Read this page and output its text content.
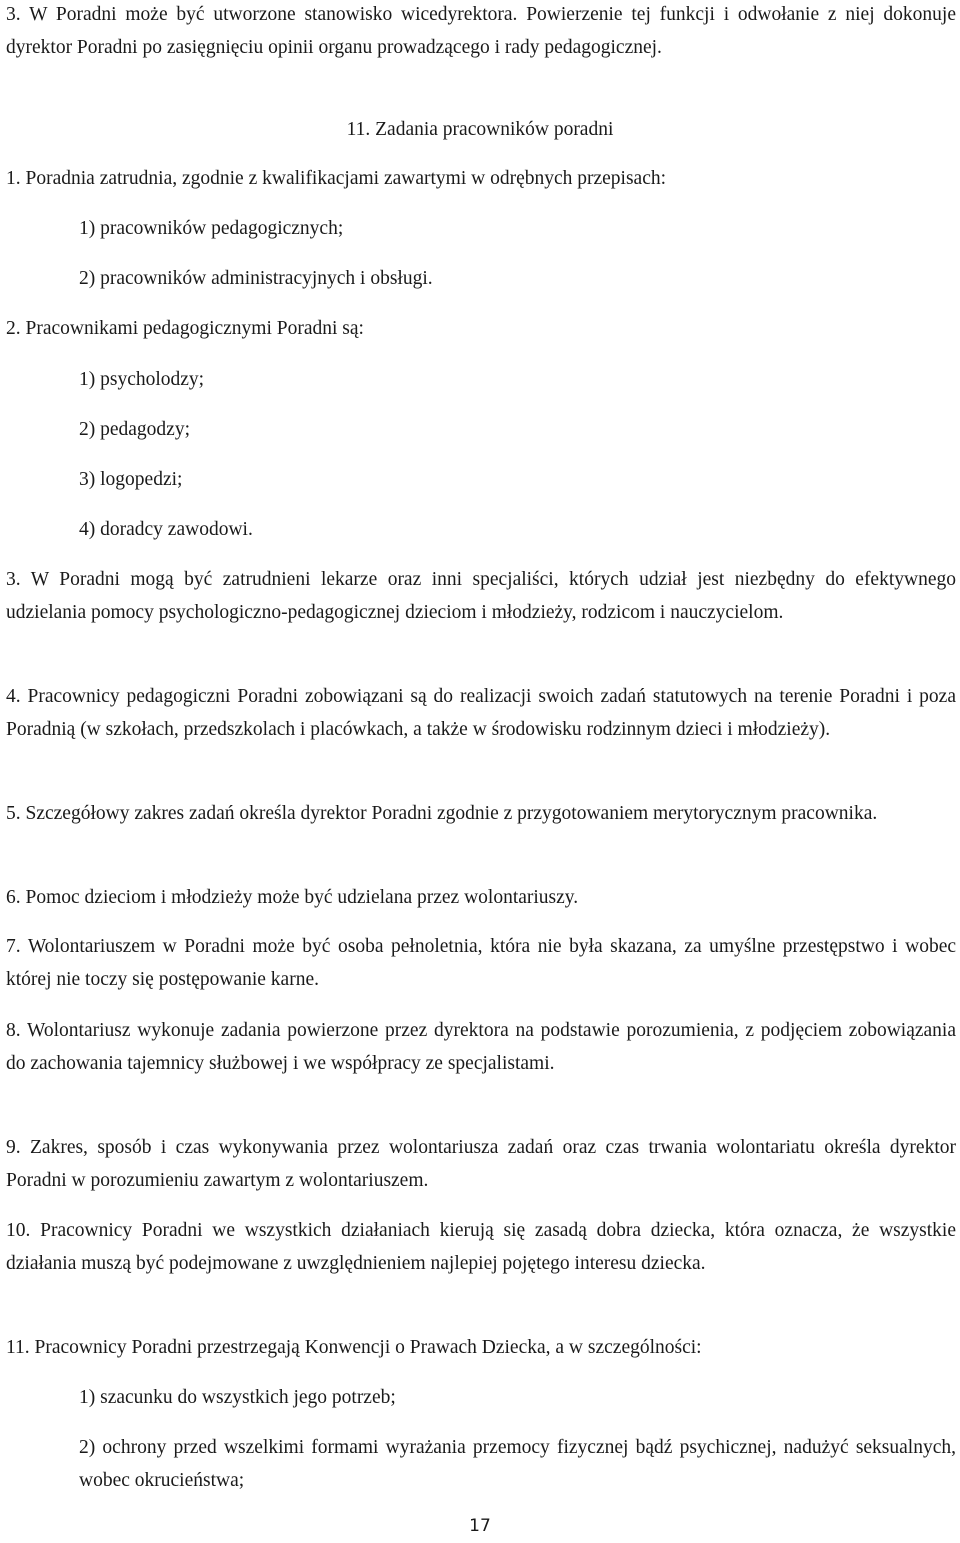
3. W Poradni może być utworzone stanowisko wicedyrektora. Powierzenie tej funkcji i odwołanie z niej dokonuje dyrektor Poradni po zasięgnięciu opinii organu prowadzącego i rady pedagogicznej.

11. Zadania pracowników poradni

1. Poradnia zatrudnia, zgodnie z kwalifikacjami zawartymi w odrębnych przepisach:

1) pracowników pedagogicznych;

2) pracowników administracyjnych i obsługi.

2. Pracownikami pedagogicznymi Poradni są:

1) psycholodzy;

2) pedagodzy;

3) logopedzi;

4) doradcy zawodowi.

3. W Poradni mogą być zatrudnieni lekarze oraz inni specjaliści, których udział jest niezbędny do efektywnego udzielania pomocy psychologiczno-pedagogicznej dzieciom i młodzieży, rodzicom i nauczycielom.

4. Pracownicy pedagogiczni Poradni zobowiązani są do realizacji swoich zadań statutowych na terenie Poradni i poza Poradnią (w szkołach, przedszkolach i placówkach, a także w środowisku rodzinnym dzieci i młodzieży).

5. Szczegółowy zakres zadań określa dyrektor Poradni zgodnie z przygotowaniem merytorycznym pracownika.

6. Pomoc dzieciom i młodzieży może być udzielana przez wolontariuszy.

7. Wolontariuszem w Poradni może być osoba pełnoletnia, która nie była skazana, za umyślne przestępstwo i wobec której nie toczy się postępowanie karne.

8. Wolontariusz wykonuje zadania powierzone przez dyrektora na podstawie porozumienia, z podjęciem zobowiązania do zachowania tajemnicy służbowej i we współpracy ze specjalistami.

9. Zakres, sposób i czas wykonywania przez wolontariusza zadań oraz czas trwania wolontariatu określa dyrektor Poradni w porozumieniu zawartym z wolontariuszem.

10. Pracownicy Poradni we wszystkich działaniach kierują się zasadą dobra dziecka, która oznacza, że wszystkie działania muszą być podejmowane z uwzględnieniem najlepiej pojętego interesu dziecka.

11. Pracownicy Poradni przestrzegają Konwencji o Prawach Dziecka, a w szczególności:

1) szacunku do wszystkich jego potrzeb;

2) ochrony przed wszelkimi formami wyrażania przemocy fizycznej bądź psychicznej, nadużyć seksualnych, wobec okrucieństwa;

17
